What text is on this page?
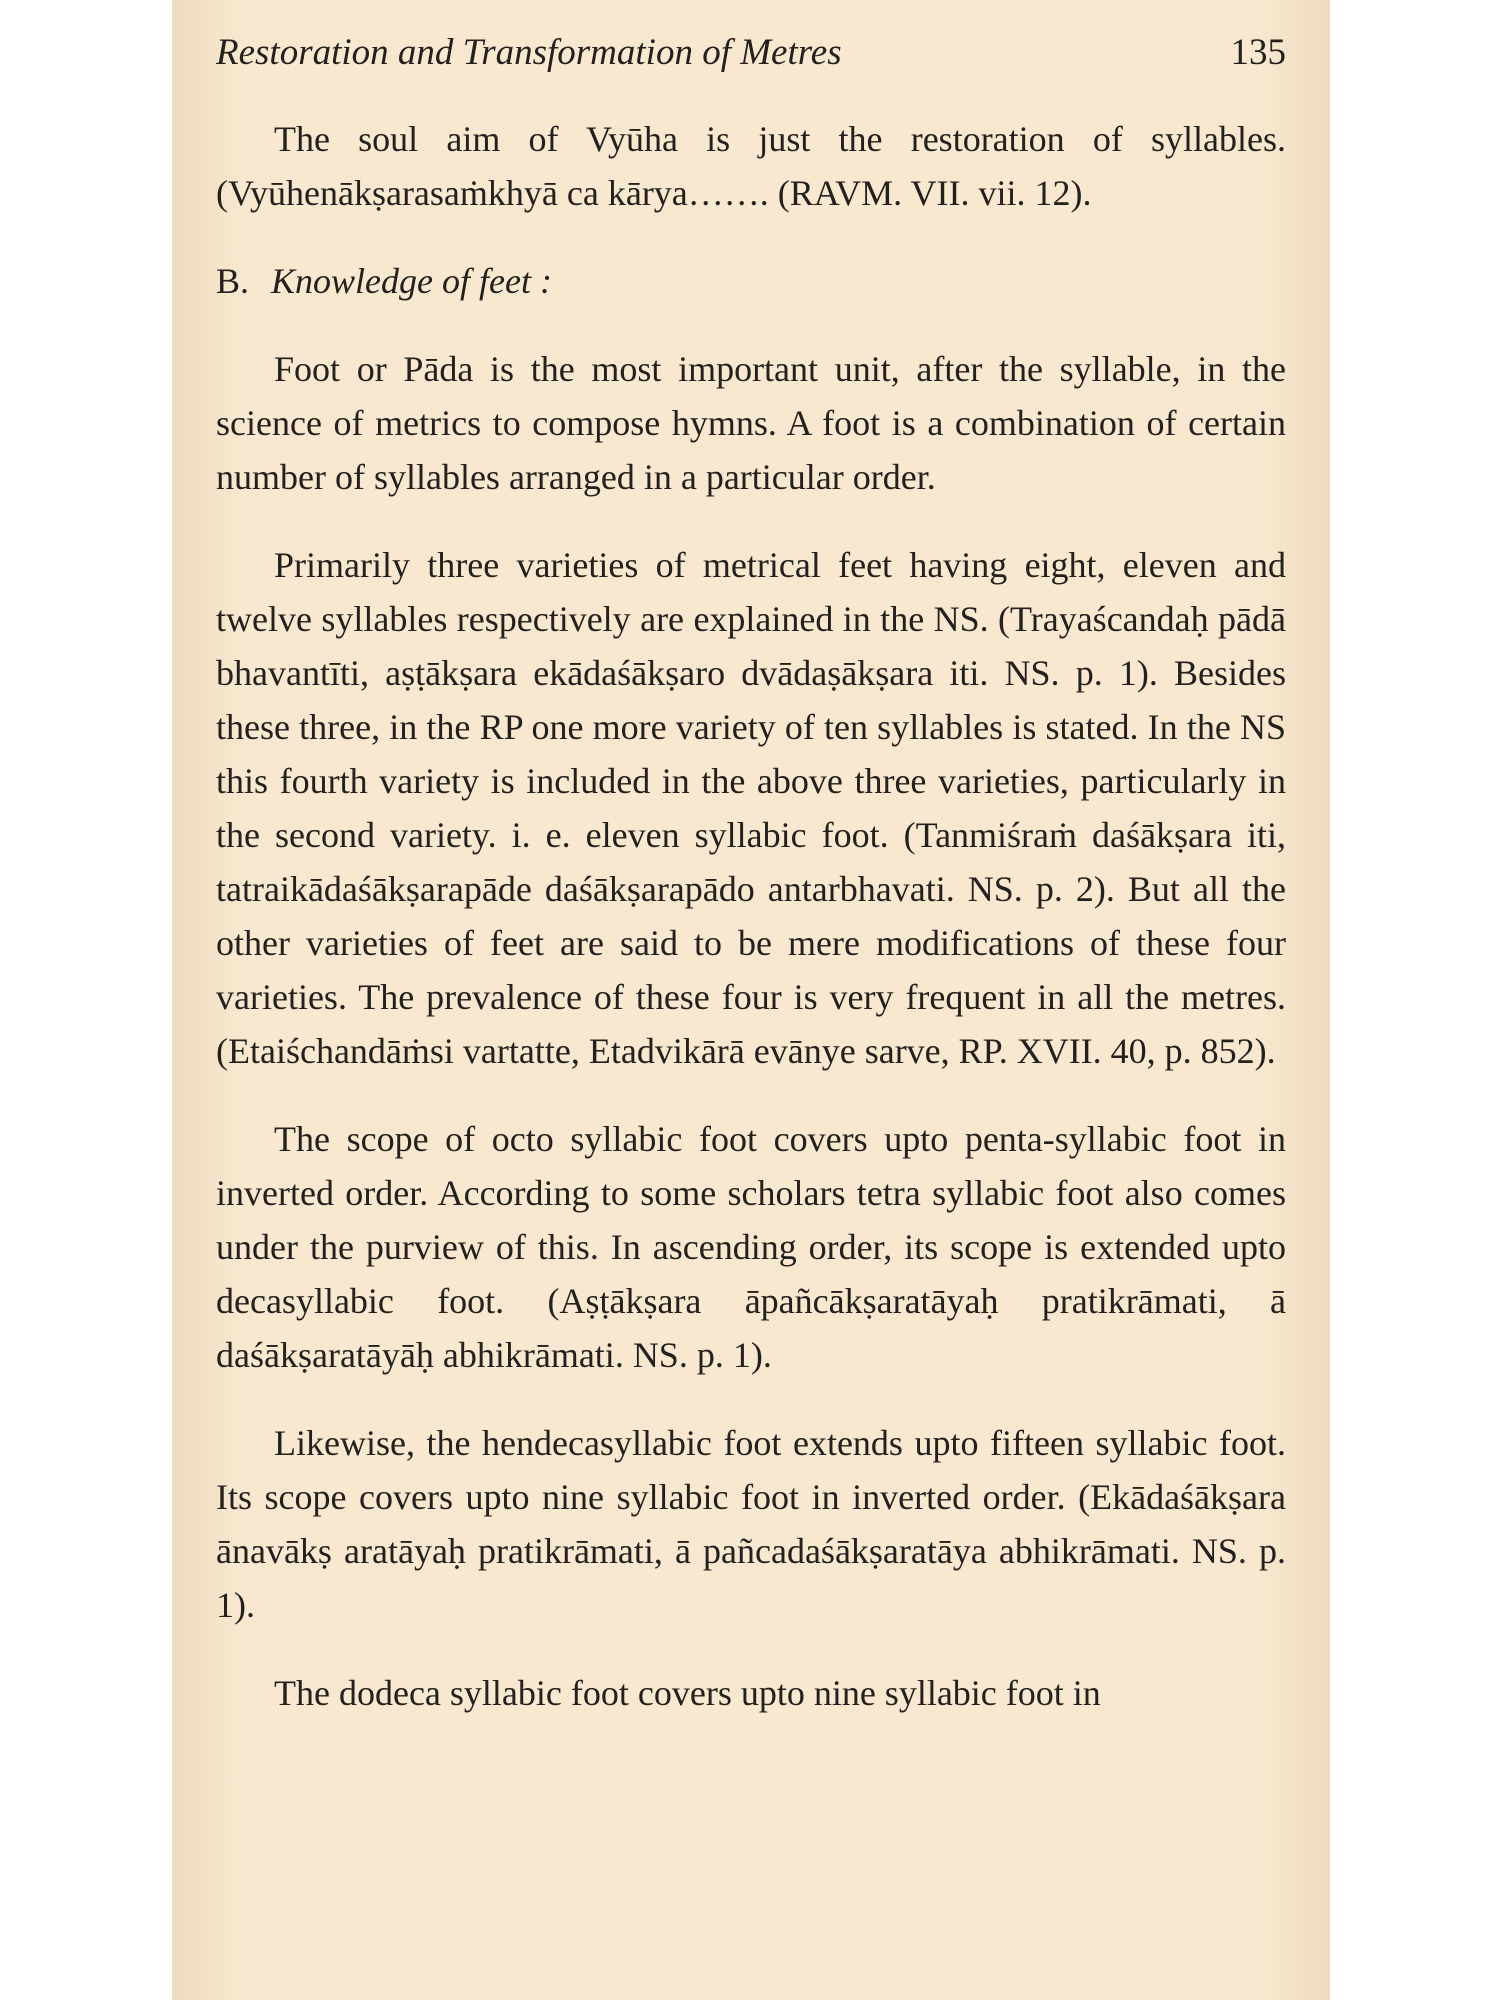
Restoration and Transformation of Metres	135

The soul aim of Vyūha is just the restoration of syllables. (Vyūhenākṣarasaṁkhyā ca kārya……. (RAVM. VII. vii. 12).

B. Knowledge of feet :

Foot or Pāda is the most important unit, after the syllable, in the science of metrics to compose hymns. A foot is a combination of certain number of syllables arranged in a particular order.

Primarily three varieties of metrical feet having eight, eleven and twelve syllables respectively are explained in the NS. (Trayaścandaḥ pādā bhavantīti, aṣṭākṣara ekādaśākṣaro dvādaṣākṣara iti. NS. p. 1). Besides these three, in the RP one more variety of ten syllables is stated. In the NS this fourth variety is included in the above three varieties, particularly in the second variety. i. e. eleven syllabic foot. (Tanmiśraṁ daśākṣara iti, tatraikādaśākṣarapāde daśākṣarapādo antarbhavati. NS. p. 2). But all the other varieties of feet are said to be mere modifications of these four varieties. The prevalence of these four is very frequent in all the metres. (Etaiśchandāṁsi vartatte, Etadvikārā evānye sarve, RP. XVII. 40, p. 852).

The scope of octo syllabic foot covers upto penta-syllabic foot in inverted order. According to some scholars tetra syllabic foot also comes under the purview of this. In ascending order, its scope is extended upto decasyllabic foot. (Aṣṭākṣara āpañcākṣaratāyaḥ pratikrāmati, ā daśākṣaratāyāḥ abhikrāmati. NS. p. 1).

Likewise, the hendecasyllabic foot extends upto fifteen syllabic foot. Its scope covers upto nine syllabic foot in inverted order. (Ekādaśākṣara ānavākṣ aratāyaḥ pratikrāmati, ā pañcadaśākṣaratāya abhikrāmati. NS. p. 1).

The dodeca syllabic foot covers upto nine syllabic foot in
